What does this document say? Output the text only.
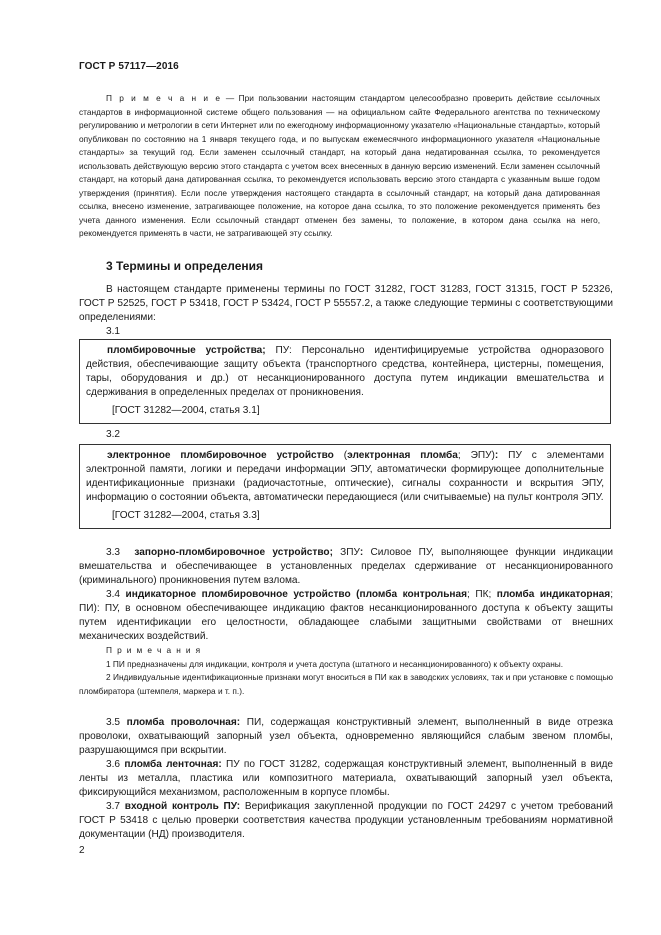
ГОСТ Р 57117—2016

П р и м е ч а н и е — При пользовании настоящим стандартом целесообразно проверить действие ссылочных стандартов в информационной системе общего пользования — на официальном сайте Федерального агентства по техническому регулированию и метрологии в сети Интернет или по ежегодному информационному указателю «Национальные стандарты», который опубликован по состоянию на 1 января текущего года, и по выпускам ежемесячного информационного указателя «Национальные стандарты» за текущий год. Если заменен ссылочный стандарт, на который дана недатированная ссылка, то рекомендуется использовать действующую версию этого стандарта с учетом всех внесенных в данную версию изменений. Если заменен ссылочный стандарт, на который дана датированная ссылка, то рекомендуется использовать версию этого стандарта с указанным выше годом утверждения (принятия). Если после утверждения настоящего стандарта в ссылочный стандарт, на который дана датированная ссылка, внесено изменение, затрагивающее положение, на которое дана ссылка, то это положение рекомендуется применять без учета данного изменения. Если ссылочный стандарт отменен без замены, то положение, в котором дана ссылка на него, рекомендуется применять в части, не затрагивающей эту ссылку.

3 Термины и определения

В настоящем стандарте применены термины по ГОСТ 31282, ГОСТ 31283, ГОСТ 31315, ГОСТ Р 52326, ГОСТ Р 52525, ГОСТ Р 53418, ГОСТ Р 53424, ГОСТ Р 55557.2, а также следующие термины с соответствующими определениями:

3.1

пломбировочные устройства; ПУ: Персонально идентифицируемые устройства одноразового действия, обеспечивающие защиту объекта (транспортного средства, контейнера, цистерны, помещения, тары, оборудования и др.) от несанкционированного доступа путем индикации вмешательства и сдерживания в определенных пределах от проникновения.

[ГОСТ 31282—2004, статья 3.1]

3.2

электронное пломбировочное устройство (электронная пломба; ЭПУ): ПУ с элементами электронной памяти, логики и передачи информации ЭПУ, автоматически формирующее дополнительные идентификационные признаки (радиочастотные, оптические), сигналы сохранности и вскрытия ЭПУ, информацию о состоянии объекта, автоматически передающиеся (или считываемые) на пульт контроля ЭПУ.

[ГОСТ 31282—2004, статья 3.3]

3.3 запорно-пломбировочное устройство; ЗПУ: Силовое ПУ, выполняющее функции индикации вмешательства и обеспечивающее в установленных пределах сдерживание от несанкционированного (криминального) проникновения путем взлома.

3.4 индикаторное пломбировочное устройство (пломба контрольная; ПК; пломба индикаторная; ПИ): ПУ, в основном обеспечивающее индикацию фактов несанкционированного доступа к объекту защиты путем идентификации его целостности, обладающее слабыми защитными свойствами от внешних механических воздействий.

П р и м е ч а н и я

1 ПИ предназначены для индикации, контроля и учета доступа (штатного и несанкционированного) к объекту охраны.

2 Индивидуальные идентификационные признаки могут вноситься в ПИ как в заводских условиях, так и при установке с помощью пломбиратора (штемпеля, маркера и т. п.).

3.5 пломба проволочная: ПИ, содержащая конструктивный элемент, выполненный в виде отрезка проволоки, охватывающий запорный узел объекта, одновременно являющийся слабым звеном пломбы, разрушающимся при вскрытии.

3.6 пломба ленточная: ПУ по ГОСТ 31282, содержащая конструктивный элемент, выполненный в виде ленты из металла, пластика или композитного материала, охватывающий запорный узел объекта, фиксирующийся механизмом, расположенным в корпусе пломбы.

3.7 входной контроль ПУ: Верификация закупленной продукции по ГОСТ 24297 с учетом требований ГОСТ Р 53418 с целью проверки соответствия качества продукции установленным требованиям нормативной документации (НД) производителя.

2
